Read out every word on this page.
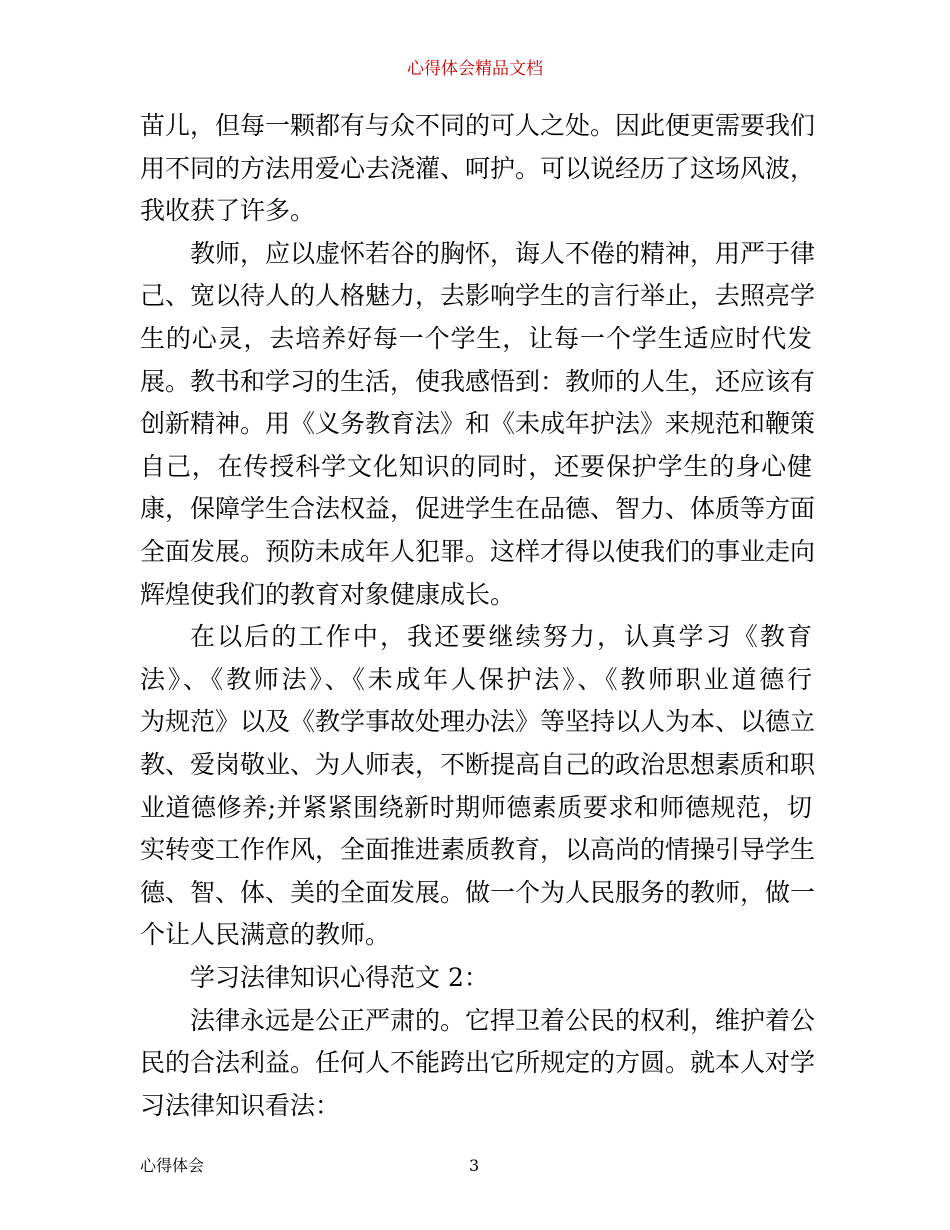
心得体会精品文档
苗儿，但每一颗都有与众不同的可人之处。因此便更需要我们
用不同的方法用爱心去浇灌、呵护。可以说经历了这场风波，
我收获了许多。
教师，应以虚怀若谷的胸怀，诲人不倦的精神，用严于律
己、宽以待人的人格魅力，去影响学生的言行举止，去照亮学
生的心灵，去培养好每一个学生，让每一个学生适应时代发
展。教书和学习的生活，使我感悟到：教师的人生，还应该有
创新精神。用《义务教育法》和《未成年护法》来规范和鞭策
自己，在传授科学文化知识的同时，还要保护学生的身心健
康，保障学生合法权益，促进学生在品德、智力、体质等方面
全面发展。预防未成年人犯罪。这样才得以使我们的事业走向
辉煌使我们的教育对象健康成长。
在以后的工作中，我还要继续努力，认真学习《教育
法》、《教师法》、《未成年人保护法》、《教师职业道德行
为规范》以及《教学事故处理办法》等坚持以人为本、以德立
教、爱岗敬业、为人师表，不断提高自己的政治思想素质和职
业道德修养;并紧紧围绕新时期师德素质要求和师德规范，切
实转变工作作风，全面推进素质教育，以高尚的情操引导学生
德、智、体、美的全面发展。做一个为人民服务的教师，做一
个让人民满意的教师。
学习法律知识心得范文 2：
法律永远是公正严肃的。它捍卫着公民的权利，维护着公
民的合法利益。任何人不能跨出它所规定的方圆。就本人对学
习法律知识看法：
心得体会	3
